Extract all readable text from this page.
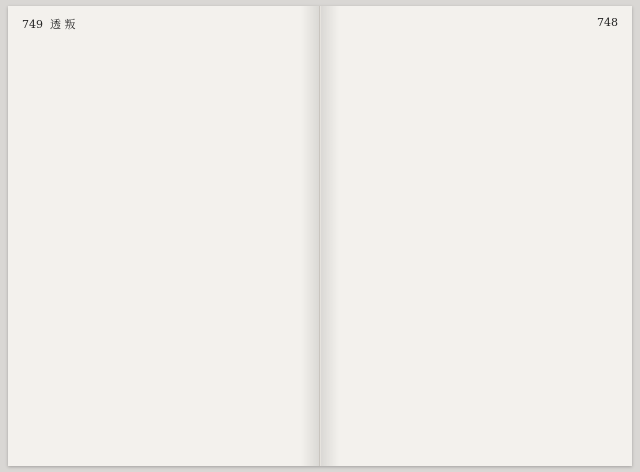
749 透 叛	748
